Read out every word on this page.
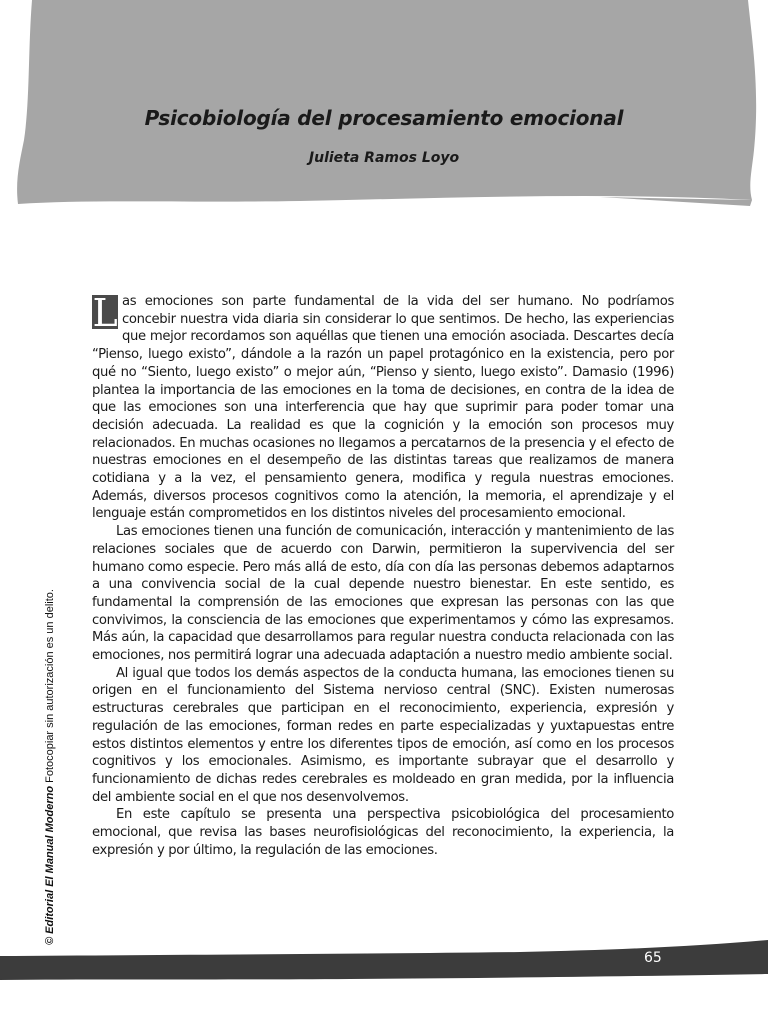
Psicobiología del procesamiento emocional
Julieta Ramos Loyo

Las emociones son parte fundamental de la vida del ser humano. No podríamos concebir nuestra vida diaria sin considerar lo que sentimos. De hecho, las experiencias que mejor recordamos son aquéllas que tienen una emoción asociada. Descartes decía “Pienso, luego existo”, dándole a la razón un papel protagónico en la existencia, pero por qué no “Siento, luego existo” o mejor aún, “Pienso y siento, luego existo”. Damasio (1996) plantea la importancia de las emociones en la toma de decisiones, en contra de la idea de que las emociones son una interferencia que hay que suprimir para poder tomar una decisión adecuada. La realidad es que la cognición y la emoción son procesos muy relacionados. En muchas ocasiones no llegamos a percatarnos de la presencia y el efecto de nuestras emociones en el desempeño de las distintas tareas que realizamos de manera cotidiana y a la vez, el pensamiento genera, modifica y regula nuestras emociones. Además, diversos procesos cognitivos como la atención, la memoria, el aprendizaje y el lenguaje están comprometidos en los distintos niveles del procesamiento emocional.

Las emociones tienen una función de comunicación, interacción y mantenimiento de las relaciones sociales que de acuerdo con Darwin, permitieron la supervivencia del ser humano como especie. Pero más allá de esto, día con día las personas debemos adaptarnos a una convivencia social de la cual depende nuestro bienestar. En este sentido, es fundamental la comprensión de las emociones que expresan las personas con las que convivimos, la consciencia de las emociones que experimentamos y cómo las expresamos. Más aún, la capacidad que desarrollamos para regular nuestra conducta relacionada con las emociones, nos permitirá lograr una adecuada adaptación a nuestro medio ambiente social.

Al igual que todos los demás aspectos de la conducta humana, las emociones tienen su origen en el funcionamiento del Sistema nervioso central (SNC). Existen numerosas estructuras cerebrales que participan en el reconocimiento, experiencia, expresión y regulación de las emociones, forman redes en parte especializadas y yuxtapuestas entre estos distintos elementos y entre los diferentes tipos de emoción, así como en los procesos cognitivos y los emocionales. Asimismo, es importante subrayar que el desarrollo y funcionamiento de dichas redes cerebrales es moldeado en gran medida, por la influencia del ambiente social en el que nos desenvolvemos.

En este capítulo se presenta una perspectiva psicobiológica del procesamiento emocional, que revisa las bases neurofisiológicas del reconocimiento, la experiencia, la expresión y por último, la regulación de las emociones.

© Editorial El Manual Moderno Fotocopiar sin autorización es un delito.
65
